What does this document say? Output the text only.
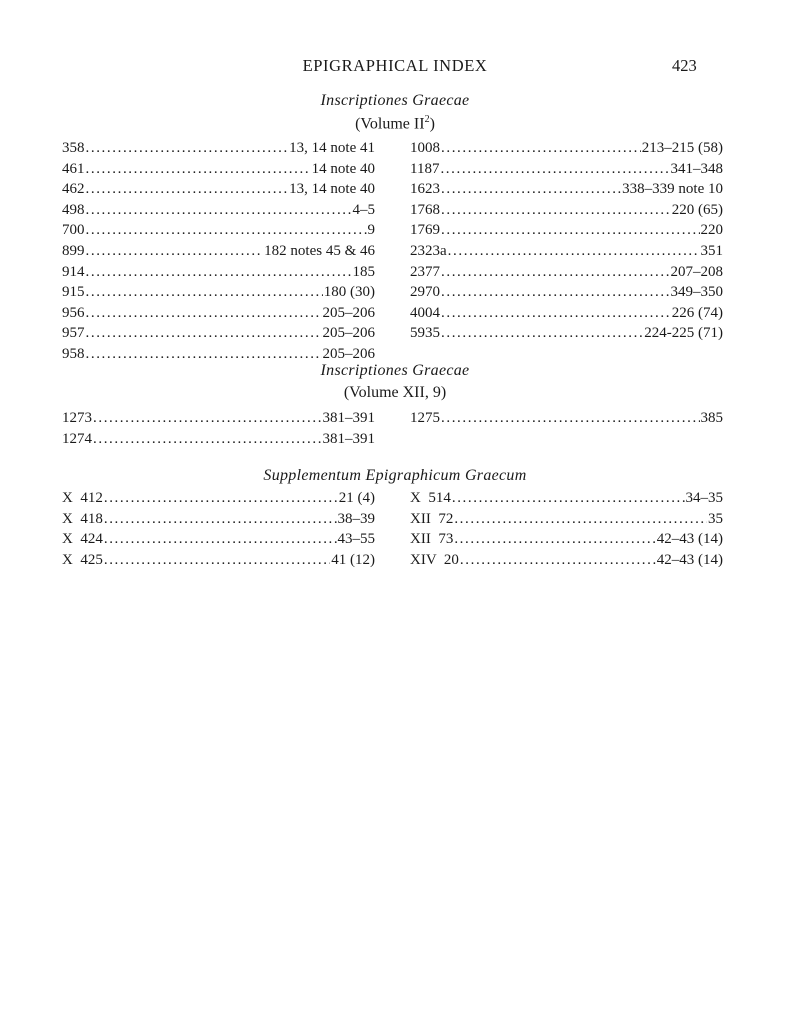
EPIGRAPHICAL INDEX	423
Inscriptiones Graecae
(Volume $II^2$)
358 .....	13, 14 note 41
461 .....	14 note 40
462 .....	13, 14 note 40
498 .....	4–5
700 .....	9
899 .....	182 notes 45 & 46
914 .....	185
915 .....	180 (30)
956 .....	205–206
957 .....	205–206
958 .....	205–206
1008 .....	213–215 (58)
1187 .....	341–348
1623 .....	338–339 note 10
1768 .....	220 (65)
1769 .....	220
2323a .....	351
2377 .....	207–208
2970 .....	349–350
4004 .....	226 (74)
5935 .....	224-225 (71)
Inscriptiones Graecae
(Volume XII, 9)
1273 .....	381–391
1274 .....	381–391
1275 .....	385
Supplementum Epigraphicum Graecum
X  412 .....	21 (4)
X  418 .....	38–39
X  424 .....	43–55
X  425 .....	41 (12)
X  514 .....	34–35
XII  72 .....	35
XII  73 .....	42–43 (14)
XIV  20 .....	42–43 (14)
